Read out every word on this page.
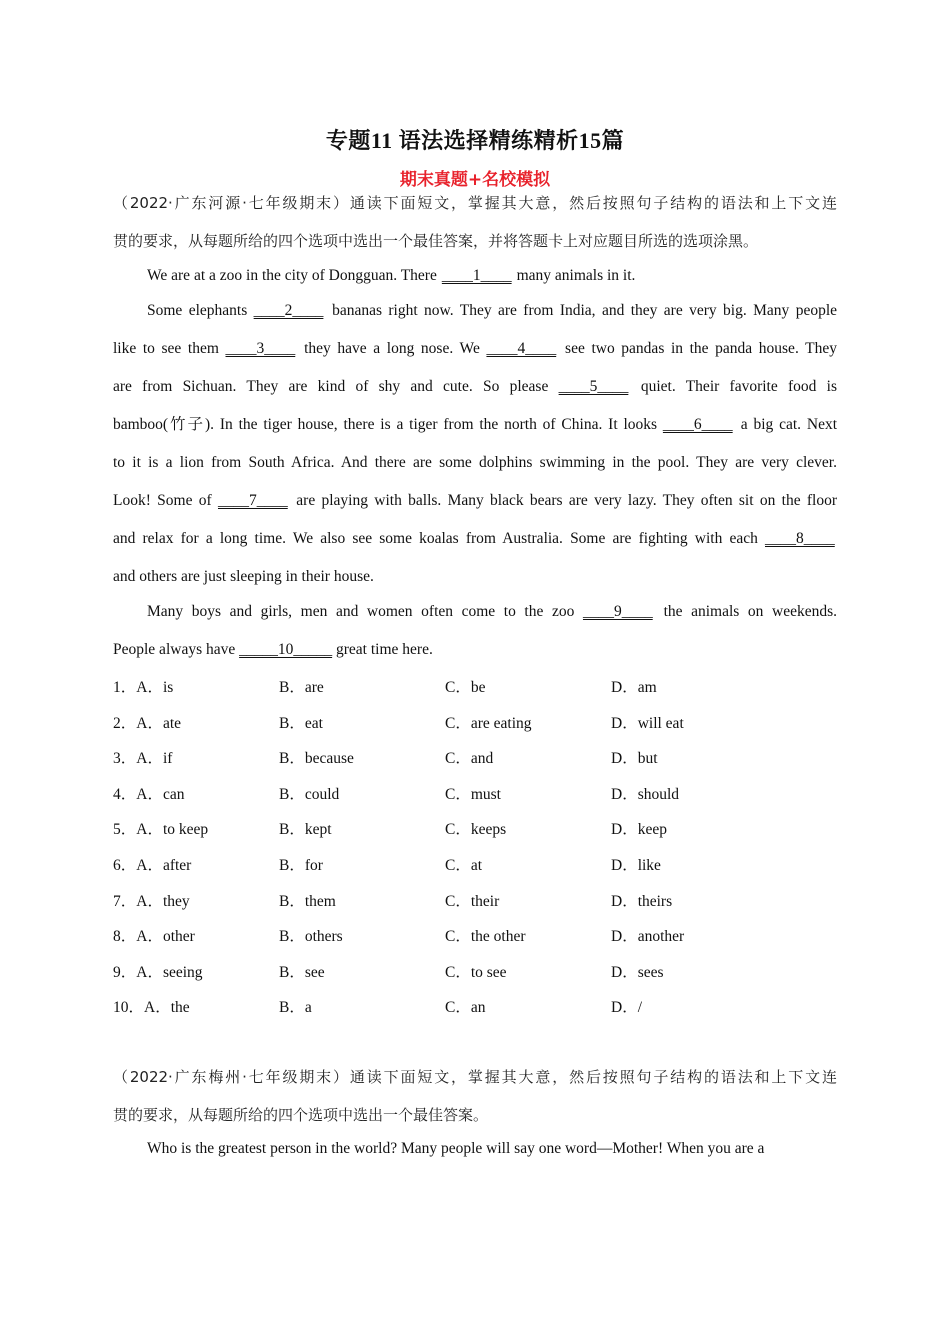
专题11 语法选择精练精析15篇
期末真题+名校模拟
（2022·广东河源·七年级期末）通读下面短文，掌握其大意，然后按照句子结构的语法和上下文连
贯的要求，从每题所给的四个选项中选出一个最佳答案，并将答题卡上对应题目所选的选项涂黑。
We are at a zoo in the city of Dongguan. There ____1____ many animals in it.
Some elephants ____2____ bananas right now. They are from India, and they are very big. Many people
like to see them ____3____ they have a long nose. We ____4____ see two pandas in the panda house. They
are from Sichuan. They are kind of shy and cute. So please ____5____ quiet. Their favorite food is
bamboo(竹子). In the tiger house, there is a tiger from the north of China. It looks ____6____ a big cat. Next
to it is a lion from South Africa. And there are some dolphins swimming in the pool. They are very clever.
Look! Some of ____7____ are playing with balls. Many black bears are very lazy. They often sit on the floor
and relax for a long time. We also see some koalas from Australia. Some are fighting with each ____8____
and others are just sleeping in their house.
Many boys and girls, men and women often come to the zoo ____9____ the animals on weekends.
People always have _____10_____ great time here.
1．A．is	B．are	C．be	D．am
2．A．ate	B．eat	C．are eating	D．will eat
3．A．if	B．because	C．and	D．but
4．A．can	B．could	C．must	D．should
5．A．to keep	B．kept	C．keeps	D．keep
6．A．after	B．for	C．at	D．like
7．A．they	B．them	C．their	D．theirs
8．A．other	B．others	C．the other	D．another
9．A．seeing	B．see	C．to see	D．sees
10．A．the	B．a	C．an	D．/
（2022·广东梅州·七年级期末）通读下面短文，掌握其大意，然后按照句子结构的语法和上下文连
贯的要求，从每题所给的四个选项中选出一个最佳答案。
Who is the greatest person in the world? Many people will say one word—Mother! When you are a
